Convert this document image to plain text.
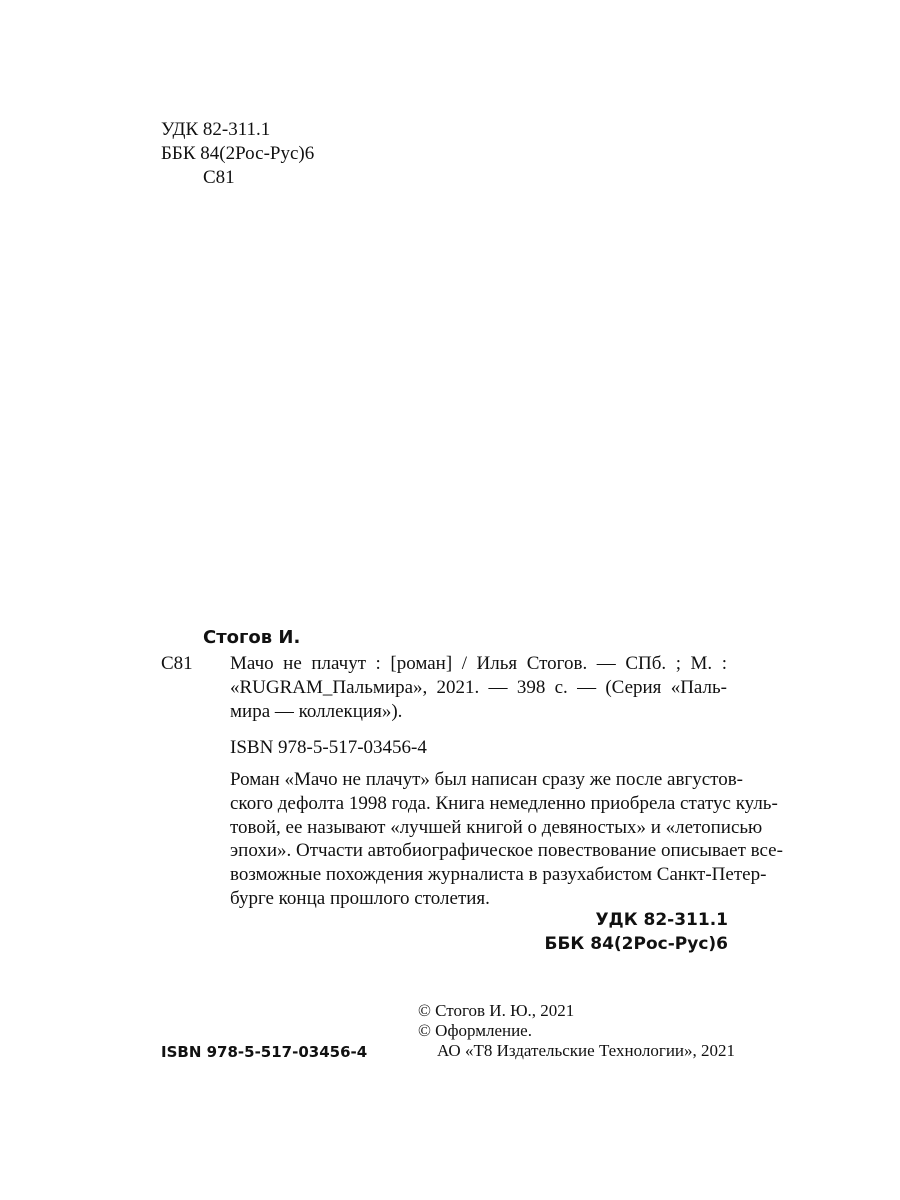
УДК 82-311.1
ББК 84(2Рос-Рус)6
С81
Стогов И.
С81 Мачо не плачут : [роман] / Илья Стогов. — СПб. ; М. :
«RUGRAM_Пальмира», 2021. — 398 с. — (Серия «Паль-
мира — коллекция»).
ISBN 978-5-517-03456-4
Роман «Мачо не плачут» был написан сразу же после августов-
ского дефолта 1998 года. Книга немедленно приобрела статус куль-
товой, ее называют «лучшей книгой о девяностых» и «летописью
эпохи». Отчасти автобиографическое повествование описывает все-
возможные похождения журналиста в разухабистом Санкт-Петер-
бурге конца прошлого столетия.
УДК 82-311.1
ББК 84(2Рос-Рус)6
ISBN 978-5-517-03456-4
© Стогов И. Ю., 2021
© Оформление.
АО «Т8 Издательские Технологии», 2021
